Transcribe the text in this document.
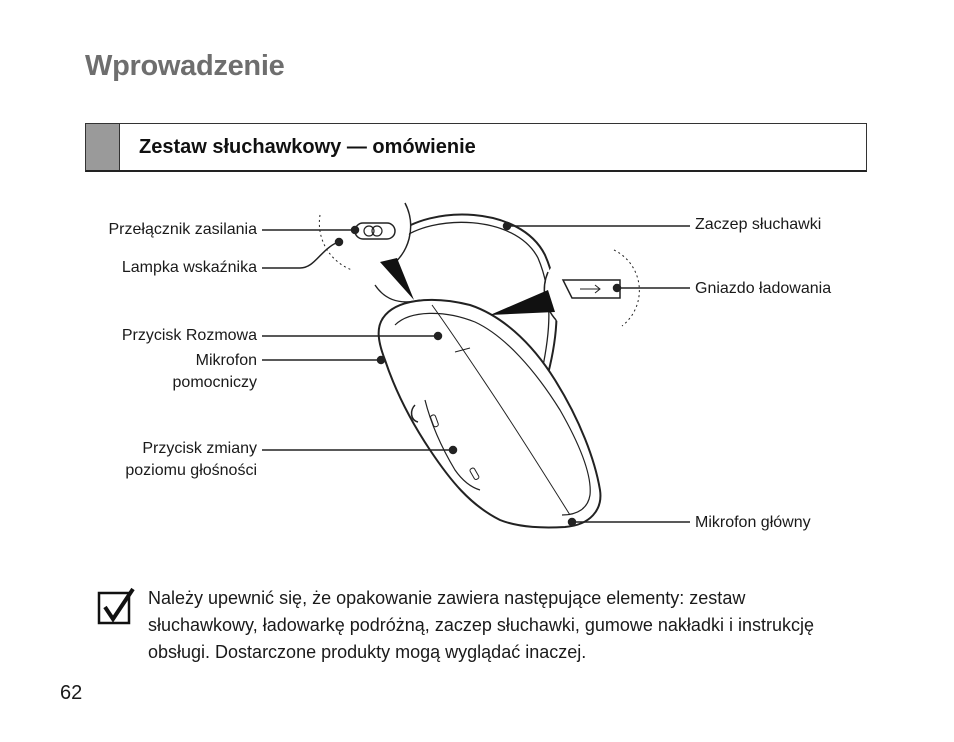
Wprowadzenie
Zestaw słuchawkowy — omówienie
Przełącznik zasilania
Lampka wskaźnika
Zaczep słuchawki
Gniazdo ładowania
Przycisk Rozmowa
Mikrofon
pomocniczy
Przycisk zmiany
poziomu głośności
Mikrofon główny

Należy upewnić się, że opakowanie zawiera następujące elementy: zestaw słuchawkowy, ładowarkę podróżną, zaczep słuchawki, gumowe nakładki i instrukcję obsługi. Dostarczone produkty mogą wyglądać inaczej.

62
